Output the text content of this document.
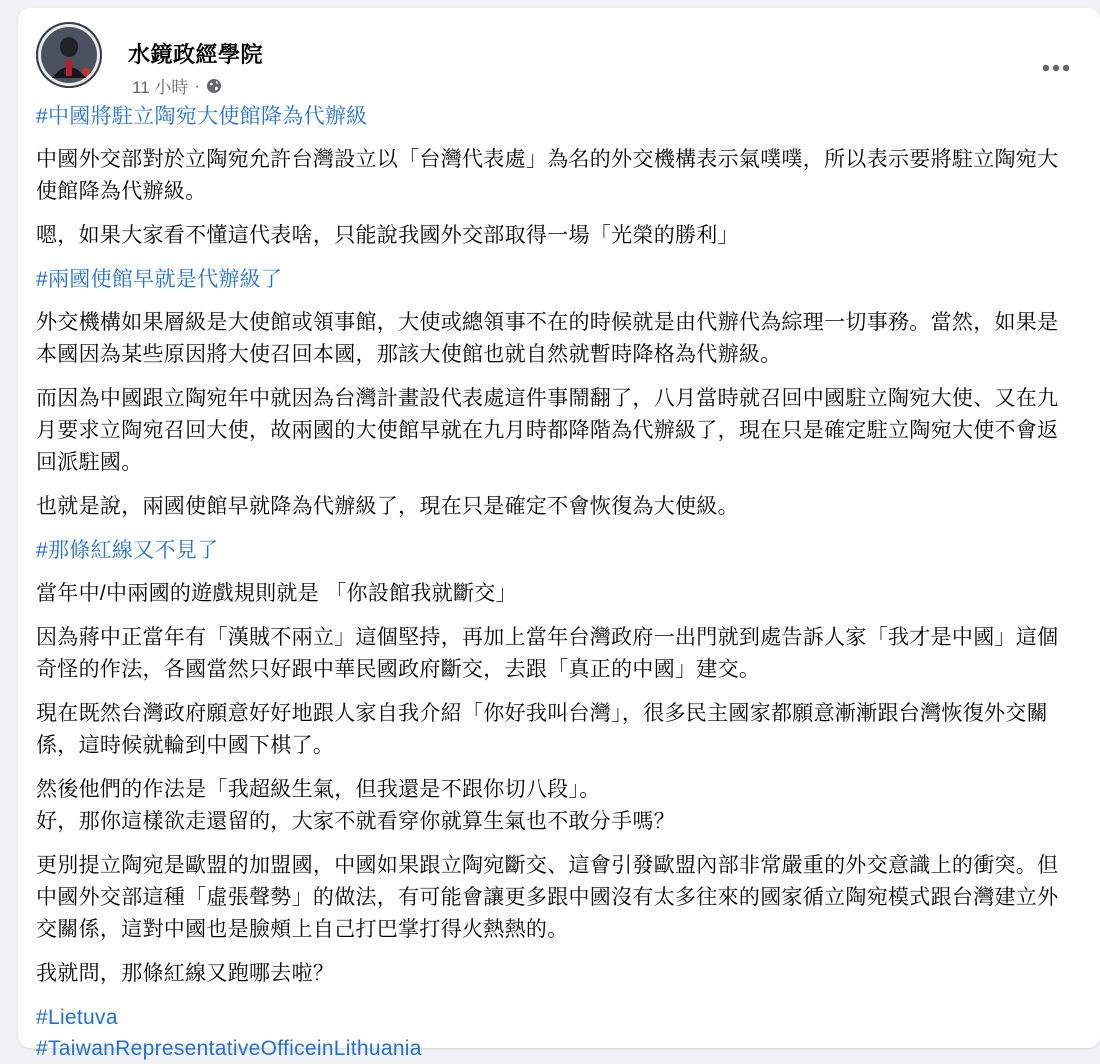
水鏡政經學院
11 小時 ·

#中國將駐立陶宛大使館降為代辦級

中國外交部對於立陶宛允許台灣設立以「台灣代表處」為名的外交機構表示氣噗噗，所以表示要將駐立陶宛大使館降為代辦級。

嗯，如果大家看不懂這代表啥，只能說我國外交部取得一場「光榮的勝利」

#兩國使館早就是代辦級了

外交機構如果層級是大使館或領事館，大使或總領事不在的時候就是由代辦代為綜理一切事務。當然，如果是本國因為某些原因將大使召回本國，那該大使館也就自然就暫時降格為代辦級。

而因為中國跟立陶宛年中就因為台灣計畫設代表處這件事鬧翻了，八月當時就召回中國駐立陶宛大使、又在九月要求立陶宛召回大使，故兩國的大使館早就在九月時都降階為代辦級了，現在只是確定駐立陶宛大使不會返回派駐國。

也就是說，兩國使館早就降為代辦級了，現在只是確定不會恢復為大使級。

#那條紅線又不見了

當年中/中兩國的遊戲規則就是 「你設館我就斷交」

因為蔣中正當年有「漢賊不兩立」這個堅持，再加上當年台灣政府一出門就到處告訴人家「我才是中國」這個奇怪的作法，各國當然只好跟中華民國政府斷交，去跟「真正的中國」建交。

現在既然台灣政府願意好好地跟人家自我介紹「你好我叫台灣」，很多民主國家都願意漸漸跟台灣恢復外交關係，這時候就輪到中國下棋了。

然後他們的作法是「我超級生氣，但我還是不跟你切八段」。

好，那你這樣欲走還留的，大家不就看穿你就算生氣也不敢分手嗎？

更別提立陶宛是歐盟的加盟國，中國如果跟立陶宛斷交、這會引發歐盟內部非常嚴重的外交意識上的衝突。但中國外交部這種「虛張聲勢」的做法，有可能會讓更多跟中國沒有太多往來的國家循立陶宛模式跟台灣建立外交關係，這對中國也是臉頰上自己打巴掌打得火熱熱的。

我就問，那條紅線又跑哪去啦？

#Lietuva
#TaiwanRepresentativeOfficeinLithuania
